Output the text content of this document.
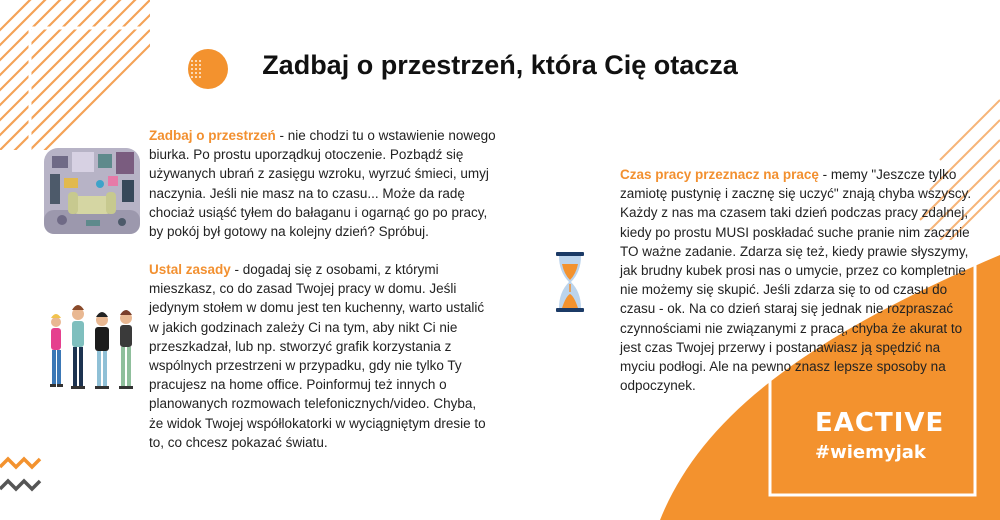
Zadbaj o przestrzeń, która Cię otacza

Zadbaj o przestrzeń - nie chodzi tu o wstawienie nowego biurka. Po prostu uporządkuj otoczenie. Pozbądź się używanych ubrań z zasięgu wzroku, wyrzuć śmieci, umyj naczynia. Jeśli nie masz na to czasu... Może da radę chociaż usiąść tyłem do bałaganu i ogarnąć go po pracy, by pokój był gotowy na kolejny dzień? Spróbuj.

Ustal zasady - dogadaj się z osobami, z którymi mieszkasz, co do zasad Twojej pracy w domu. Jeśli jedynym stołem w domu jest ten kuchenny, warto ustalić w jakich godzinach zależy Ci na tym, aby nikt Ci nie przeszkadzał, lub np. stworzyć grafik korzystania z wspólnych przestrzeni w przypadku, gdy nie tylko Ty pracujesz na home office. Poinformuj też innych o planowanych rozmowach telefonicznych/video. Chyba, że widok Twojej współlokatorki w wyciągniętym dresie to to, co chcesz pokazać światu.

Czas pracy przeznacz na pracę - memy "Jeszcze tylko zamiotę pustynię i zacznę się uczyć" znają chyba wszyscy. Każdy z nas ma czasem taki dzień podczas pracy zdalnej, kiedy po prostu MUSI poskładać suche pranie nim zacznie TO ważne zadanie. Zdarza się też, kiedy prawie słyszymy, jak brudny kubek prosi nas o umycie, przez co kompletnie nie możemy się skupić. Jeśli zdarza się to od czasu do czasu - ok. Na co dzień staraj się jednak nie rozpraszać czynnościami nie związanymi z pracą, chyba że akurat to jest czas Twojej przerwy i postanawiasz ją spędzić na myciu podłogi. Ale na pewno znasz lepsze sposoby na odpoczynek.

EACTIVE
#wiemyjak
